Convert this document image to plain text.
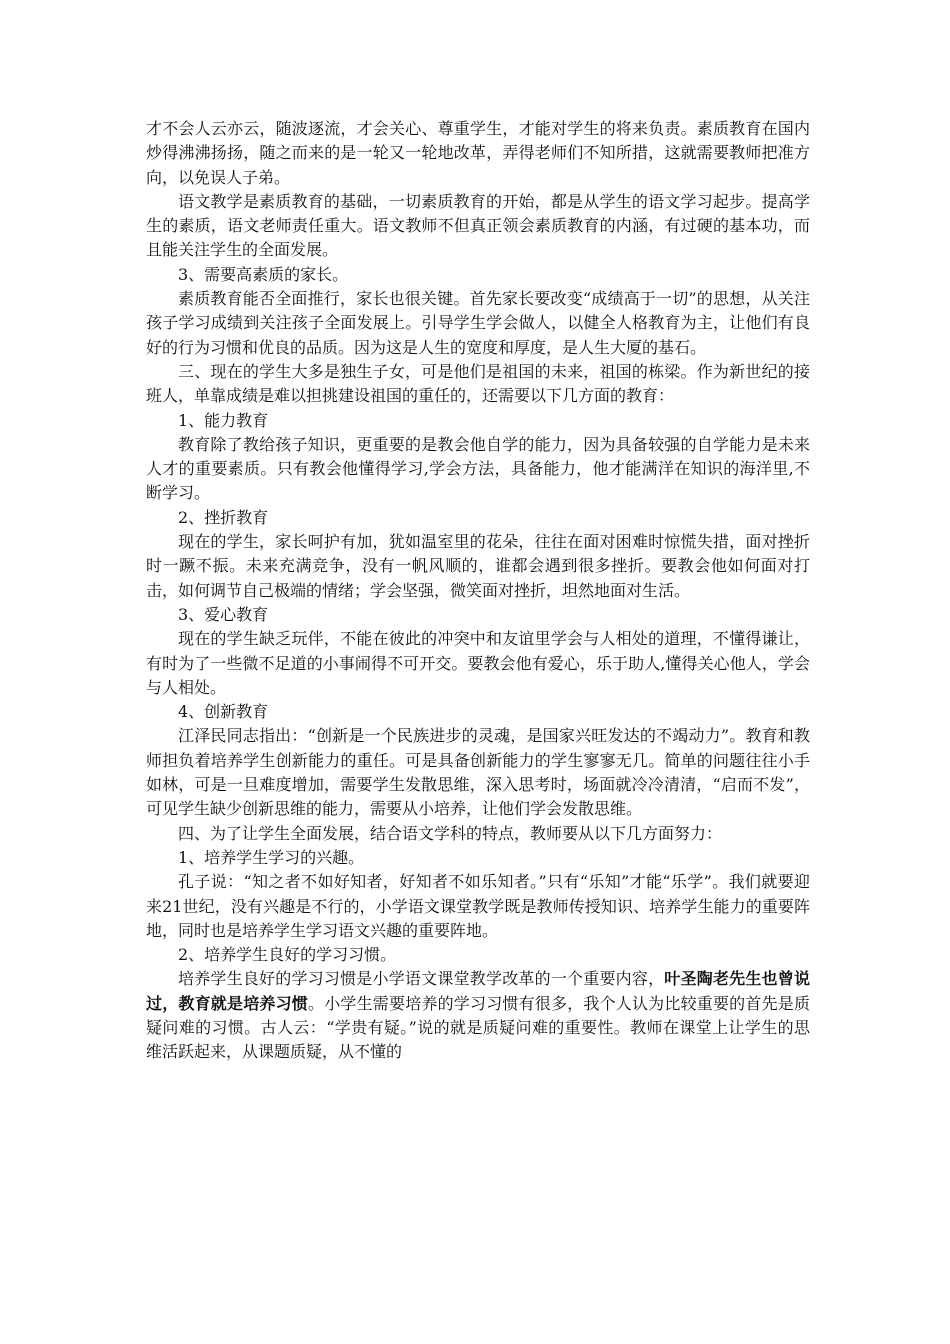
才不会人云亦云，随波逐流，才会关心、尊重学生，才能对学生的将来负责。素质教育在国内炒得沸沸扬扬，随之而来的是一轮又一轮地改革，弄得老师们不知所措，这就需要教师把准方向，以免误人子弟。

语文教学是素质教育的基础，一切素质教育的开始，都是从学生的语文学习起步。提高学生的素质，语文老师责任重大。语文教师不但真正领会素质教育的内涵，有过硬的基本功，而且能关注学生的全面发展。

3、需要高素质的家长。

素质教育能否全面推行，家长也很关键。首先家长要改变“成绩高于一切”的思想，从关注孩子学习成绩到关注孩子全面发展上。引导学生学会做人，以健全人格教育为主，让他们有良好的行为习惯和优良的品质。因为这是人生的宽度和厚度，是人生大厦的基石。

三、现在的学生大多是独生子女，可是他们是祖国的未来，祖国的栋梁。作为新世纪的接班人，单靠成绩是难以担挑建设祖国的重任的，还需要以下几方面的教育：

1、能力教育

教育除了教给孩子知识，更重要的是教会他自学的能力，因为具备较强的自学能力是未来人才的重要素质。只有教会他懂得学习,学会方法，具备能力，他才能满洋在知识的海洋里,不断学习。

2、挫折教育

现在的学生，家长呵护有加，犹如温室里的花朵，往往在面对困难时惊慌失措，面对挫折时一蹶不振。未来充满竞争，没有一帆风顺的，谁都会遇到很多挫折。要教会他如何面对打击，如何调节自己极端的情绪；学会坚强，微笑面对挫折，坦然地面对生活。

3、爱心教育

现在的学生缺乏玩伴，不能在彼此的冲突中和友谊里学会与人相处的道理，不懂得谦让，有时为了一些微不足道的小事闹得不可开交。要教会他有爱心，乐于助人,懂得关心他人，学会与人相处。

4、创新教育

江泽民同志指出：“创新是一个民族进步的灵魂，是国家兴旺发达的不竭动力”。教育和教师担负着培养学生创新能力的重任。可是具备创新能力的学生寥寥无几。简单的问题往往小手如林，可是一旦难度增加，需要学生发散思维，深入思考时，场面就冷冷清清，“启而不发”，可见学生缺少创新思维的能力，需要从小培养，让他们学会发散思维。

四、为了让学生全面发展，结合语文学科的特点，教师要从以下几方面努力：

1、培养学生学习的兴趣。

孔子说：“知之者不如好知者，好知者不如乐知者。”只有“乐知”才能“乐学”。我们就要迎来21世纪，没有兴趣是不行的，小学语文课堂教学既是教师传授知识、培养学生能力的重要阵地，同时也是培养学生学习语文兴趣的重要阵地。

2、培养学生良好的学习习惯。

培养学生良好的学习习惯是小学语文课堂教学改革的一个重要内容，叶圣陶老先生也曾说过，教育就是培养习惯。小学生需要培养的学习习惯有很多，我个人认为比较重要的首先是质疑问难的习惯。古人云：“学贵有疑。”说的就是质疑问难的重要性。教师在课堂上让学生的思维活跃起来，从课题质疑，从不懂的
